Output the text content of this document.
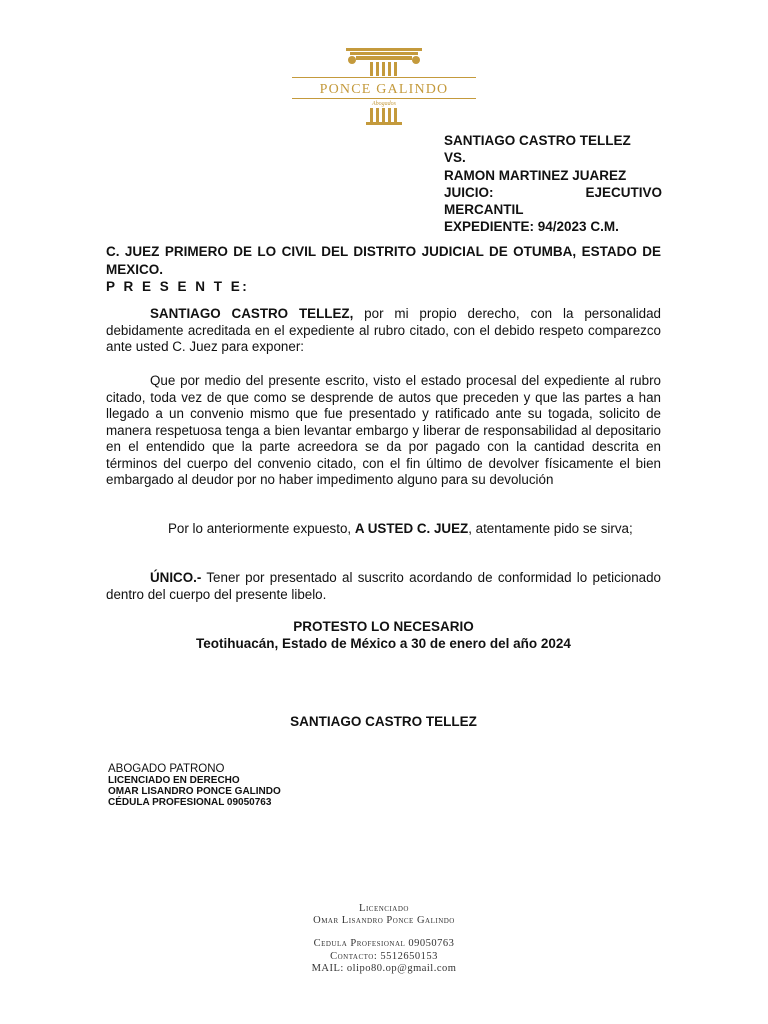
PONCE GALINDO
Abogados
SANTIAGO CASTRO TELLEZ
VS.
RAMON MARTINEZ JUAREZ
JUICIO:	EJECUTIVO
MERCANTIL
EXPEDIENTE: 94/2023 C.M.
C. JUEZ PRIMERO DE LO CIVIL DEL DISTRITO JUDICIAL DE OTUMBA, ESTADO DE MEXICO.
P R E S E N T E:
SANTIAGO CASTRO TELLEZ, por mi propio derecho, con la personalidad debidamente acreditada en el expediente al rubro citado, con el debido respeto comparezco ante usted C. Juez para exponer:
Que por medio del presente escrito, visto el estado procesal del expediente al rubro citado, toda vez de que como se desprende de autos que preceden y que las partes a han llegado a un convenio mismo que fue presentado y ratificado ante su togada, solicito de manera respetuosa tenga a bien levantar embargo y liberar de responsabilidad al depositario en el entendido que la parte acreedora se da por pagado con la cantidad descrita en términos del cuerpo del convenio citado, con el fin último de devolver físicamente el bien embargado al deudor por no haber impedimento alguno para su devolución
Por lo anteriormente expuesto, A USTED C. JUEZ, atentamente pido se sirva;
ÚNICO.- Tener por presentado al suscrito acordando de conformidad lo peticionado dentro del cuerpo del presente libelo.
PROTESTO LO NECESARIO
Teotihuacán, Estado de México a 30 de enero del año 2024
SANTIAGO CASTRO TELLEZ
ABOGADO PATRONO
LICENCIADO EN DERECHO
OMAR LISANDRO PONCE GALINDO
CÉDULA PROFESIONAL 09050763
Licenciado
Omar Lisandro Ponce Galindo
Cedula Profesional 09050763
Contacto: 5512650153
MAIL: olipo80.op@gmail.com
